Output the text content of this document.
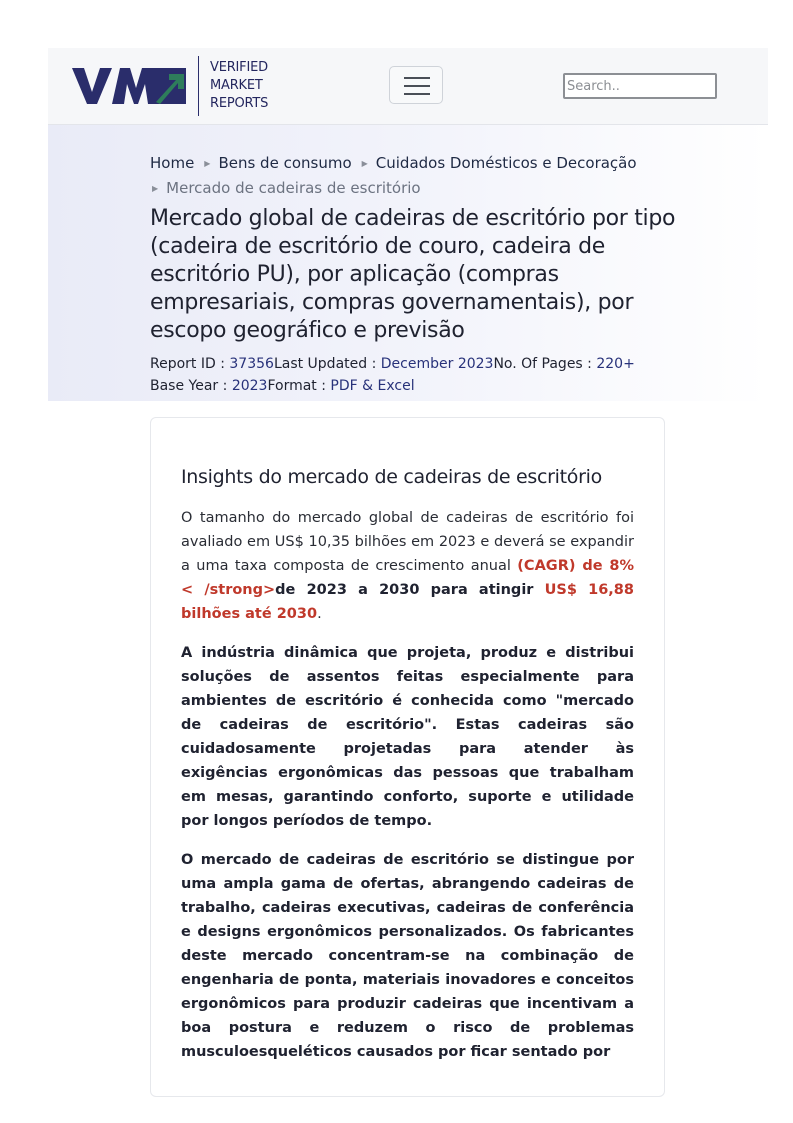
VERIFIED
MARKET
REPORTS
Search..
Home ▶ Bens de consumo ▶ Cuidados Domésticos e Decoração
▶ Mercado de cadeiras de escritório
Mercado global de cadeiras de escritório por tipo (cadeira de escritório de couro, cadeira de escritório PU), por aplicação (compras empresariais, compras governamentais), por escopo geográfico e previsão
Report ID : 37356Last Updated : December 2023No. Of Pages : 220+
Base Year : 2023Format : PDF & Excel
Insights do mercado de cadeiras de escritório

O tamanho do mercado global de cadeiras de escritório foi avaliado em US$ 10,35 bilhões em 2023 e deverá se expandir a uma taxa composta de crescimento anual (CAGR) de 8% < /strong>de 2023 a 2030 para atingir US$ 16,88 bilhões até 2030.

A indústria dinâmica que projeta, produz e distribui soluções de assentos feitas especialmente para ambientes de escritório é conhecida como "mercado de cadeiras de escritório". Estas cadeiras são cuidadosamente projetadas para atender às exigências ergonômicas das pessoas que trabalham em mesas, garantindo conforto, suporte e utilidade por longos períodos de tempo.

O mercado de cadeiras de escritório se distingue por uma ampla gama de ofertas, abrangendo cadeiras de trabalho, cadeiras executivas, cadeiras de conferência e designs ergonômicos personalizados. Os fabricantes deste mercado concentram-se na combinação de engenharia de ponta, materiais inovadores e conceitos ergonômicos para produzir cadeiras que incentivam a boa postura e reduzem o risco de problemas musculoesqueléticos causados por ficar sentado por
